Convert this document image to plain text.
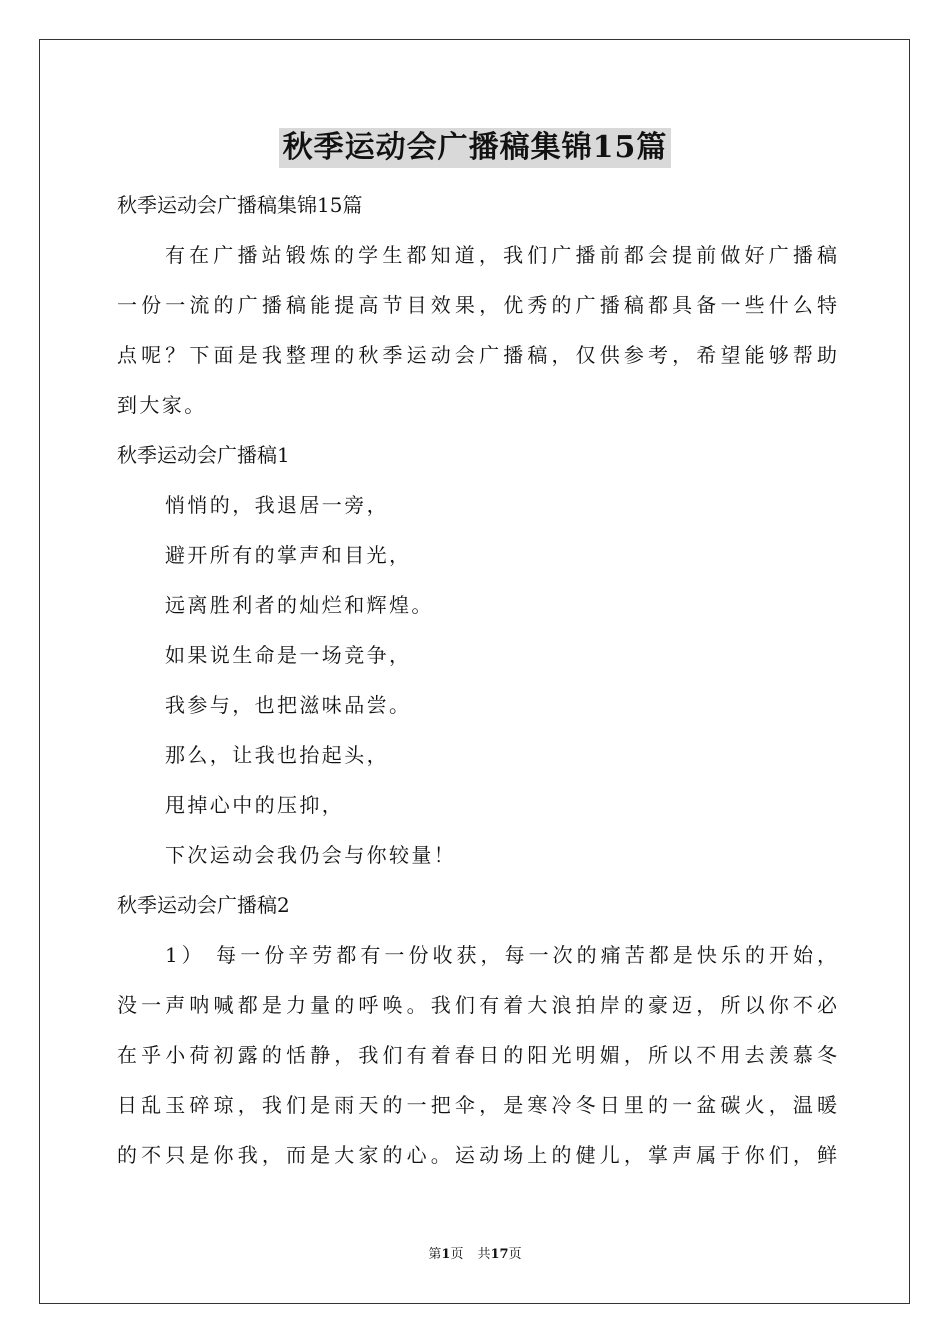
秋季运动会广播稿集锦15篇
秋季运动会广播稿集锦15篇
有在广播站锻炼的学生都知道，我们广播前都会提前做好广播稿
一份一流的广播稿能提高节目效果，优秀的广播稿都具备一些什么特
点呢？下面是我整理的秋季运动会广播稿，仅供参考，希望能够帮助
到大家。
秋季运动会广播稿1
悄悄的，我退居一旁，
避开所有的掌声和目光，
远离胜利者的灿烂和辉煌。
如果说生命是一场竞争，
我参与，也把滋味品尝。
那么，让我也抬起头，
甩掉心中的压抑，
下次运动会我仍会与你较量！
秋季运动会广播稿2
1） 每一份辛劳都有一份收获，每一次的痛苦都是快乐的开始，
没一声呐喊都是力量的呼唤。我们有着大浪拍岸的豪迈，所以你不必
在乎小荷初露的恬静，我们有着春日的阳光明媚，所以不用去羡慕冬
日乱玉碎琼，我们是雨天的一把伞，是寒冷冬日里的一盆碳火，温暖
的不只是你我，而是大家的心。运动场上的健儿，掌声属于你们，鲜
第1页 共17页
